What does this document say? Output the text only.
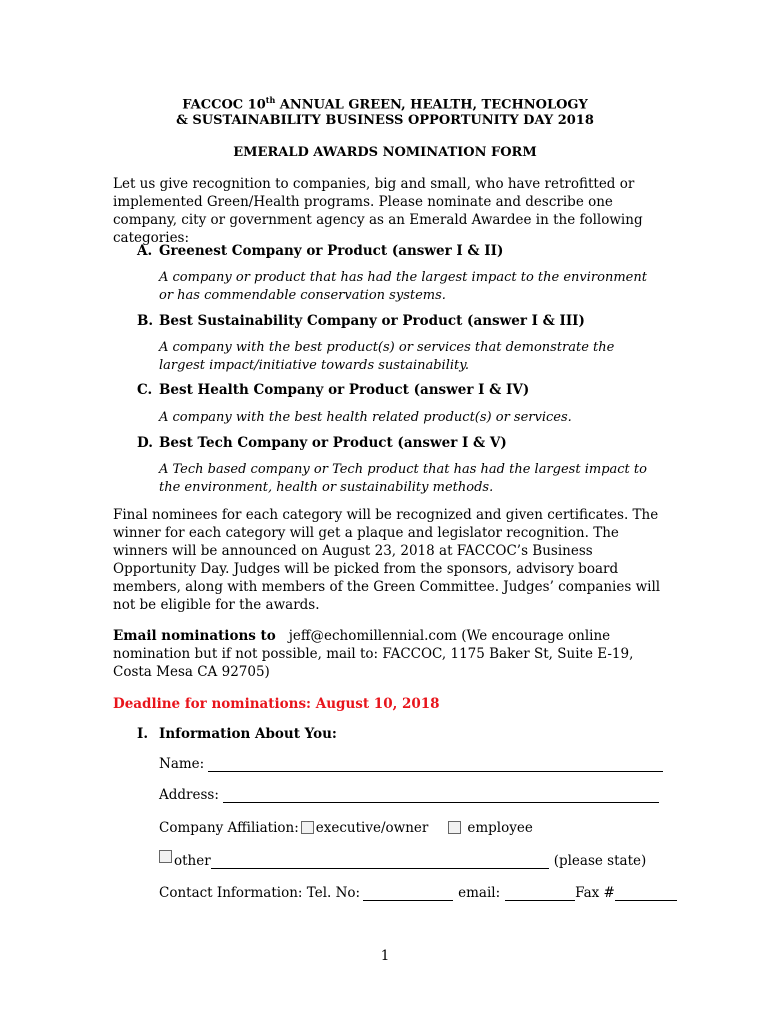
FACCOC 10th ANNUAL GREEN, HEALTH, TECHNOLOGY
& SUSTAINABILITY BUSINESS OPPORTUNITY DAY 2018
EMERALD AWARDS NOMINATION FORM
Let us give recognition to companies, big and small, who have retrofitted or implemented Green/Health programs. Please nominate and describe one company, city or government agency as an Emerald Awardee in the following categories:
A. Greenest Company or Product (answer I & II)
A company or product that has had the largest impact to the environment or has commendable conservation systems.
B. Best Sustainability Company or Product (answer I & III)
A company with the best product(s) or services that demonstrate the largest impact/initiative towards sustainability.
C. Best Health Company or Product (answer I & IV)
A company with the best health related product(s) or services.
D. Best Tech Company or Product (answer I & V)
A Tech based company or Tech product that has had the largest impact to the environment, health or sustainability methods.
Final nominees for each category will be recognized and given certificates. The winner for each category will get a plaque and legislator recognition. The winners will be announced on August 23, 2018 at FACCOC’s Business Opportunity Day. Judges will be picked from the sponsors, advisory board members, along with members of the Green Committee. Judges’ companies will not be eligible for the awards.
Email nominations to jeff@echomillennial.com (We encourage online nomination but if not possible, mail to: FACCOC, 1175 Baker St, Suite E-19, Costa Mesa CA 92705)
Deadline for nominations: August 10, 2018
I. Information About You:
Name:
Address:
Company Affiliation: executive/owner	employee
other	(please state)
Contact Information: Tel. No:	email:	Fax #
1
